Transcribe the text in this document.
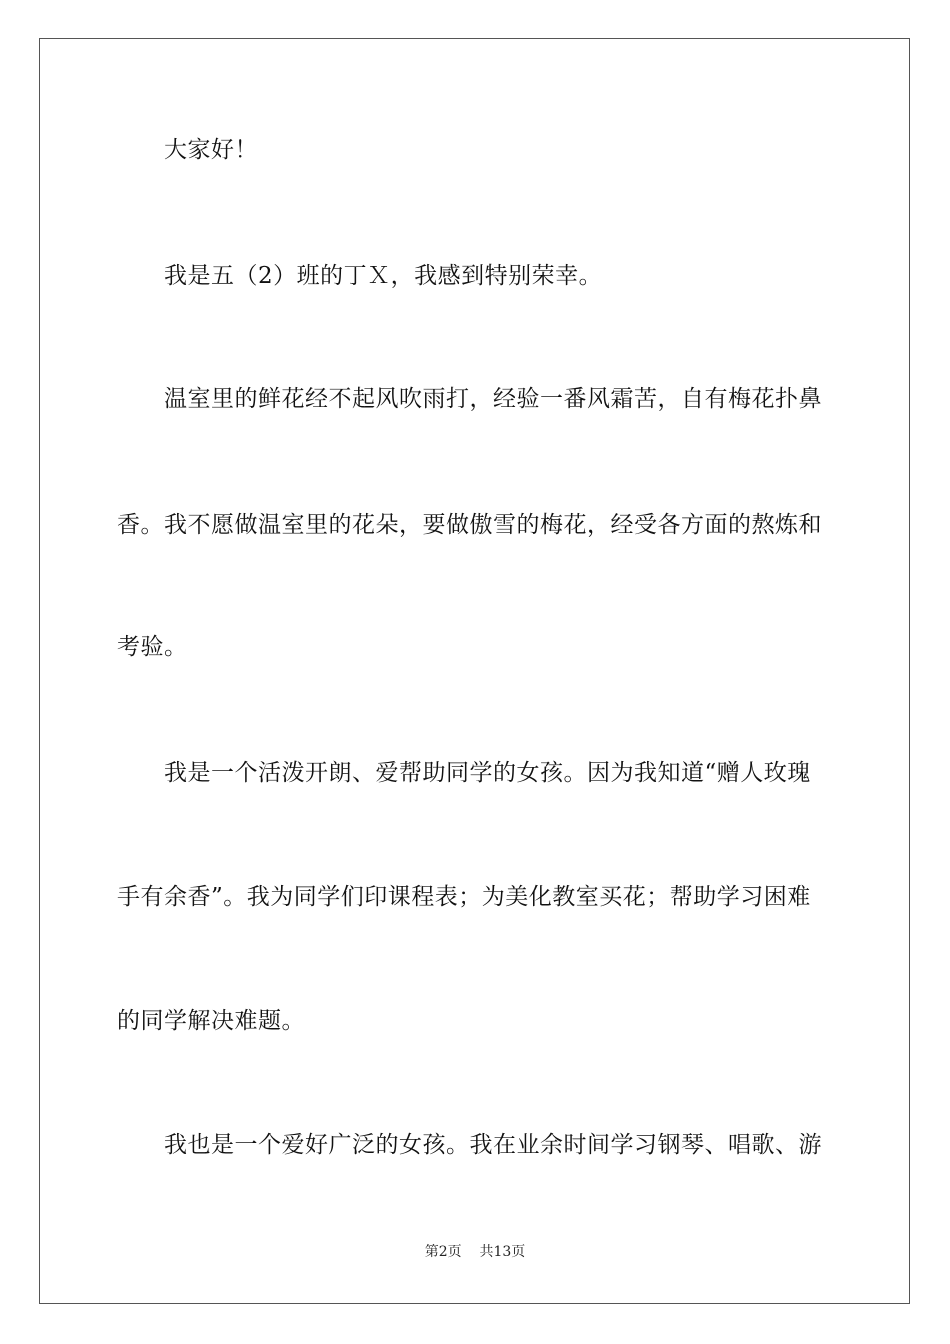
大家好！
我是五（2）班的丁Ｘ，我感到特别荣幸。
温室里的鲜花经不起风吹雨打，经验一番风霜苦，自有梅花扑鼻
香。我不愿做温室里的花朵，要做傲雪的梅花，经受各方面的熬炼和
考验。
我是一个活泼开朗、爱帮助同学的女孩。因为我知道“赠人玫瑰
手有余香”。我为同学们印课程表；为美化教室买花；帮助学习困难
的同学解决难题。
我也是一个爱好广泛的女孩。我在业余时间学习钢琴、唱歌、游
第2页 共13页
